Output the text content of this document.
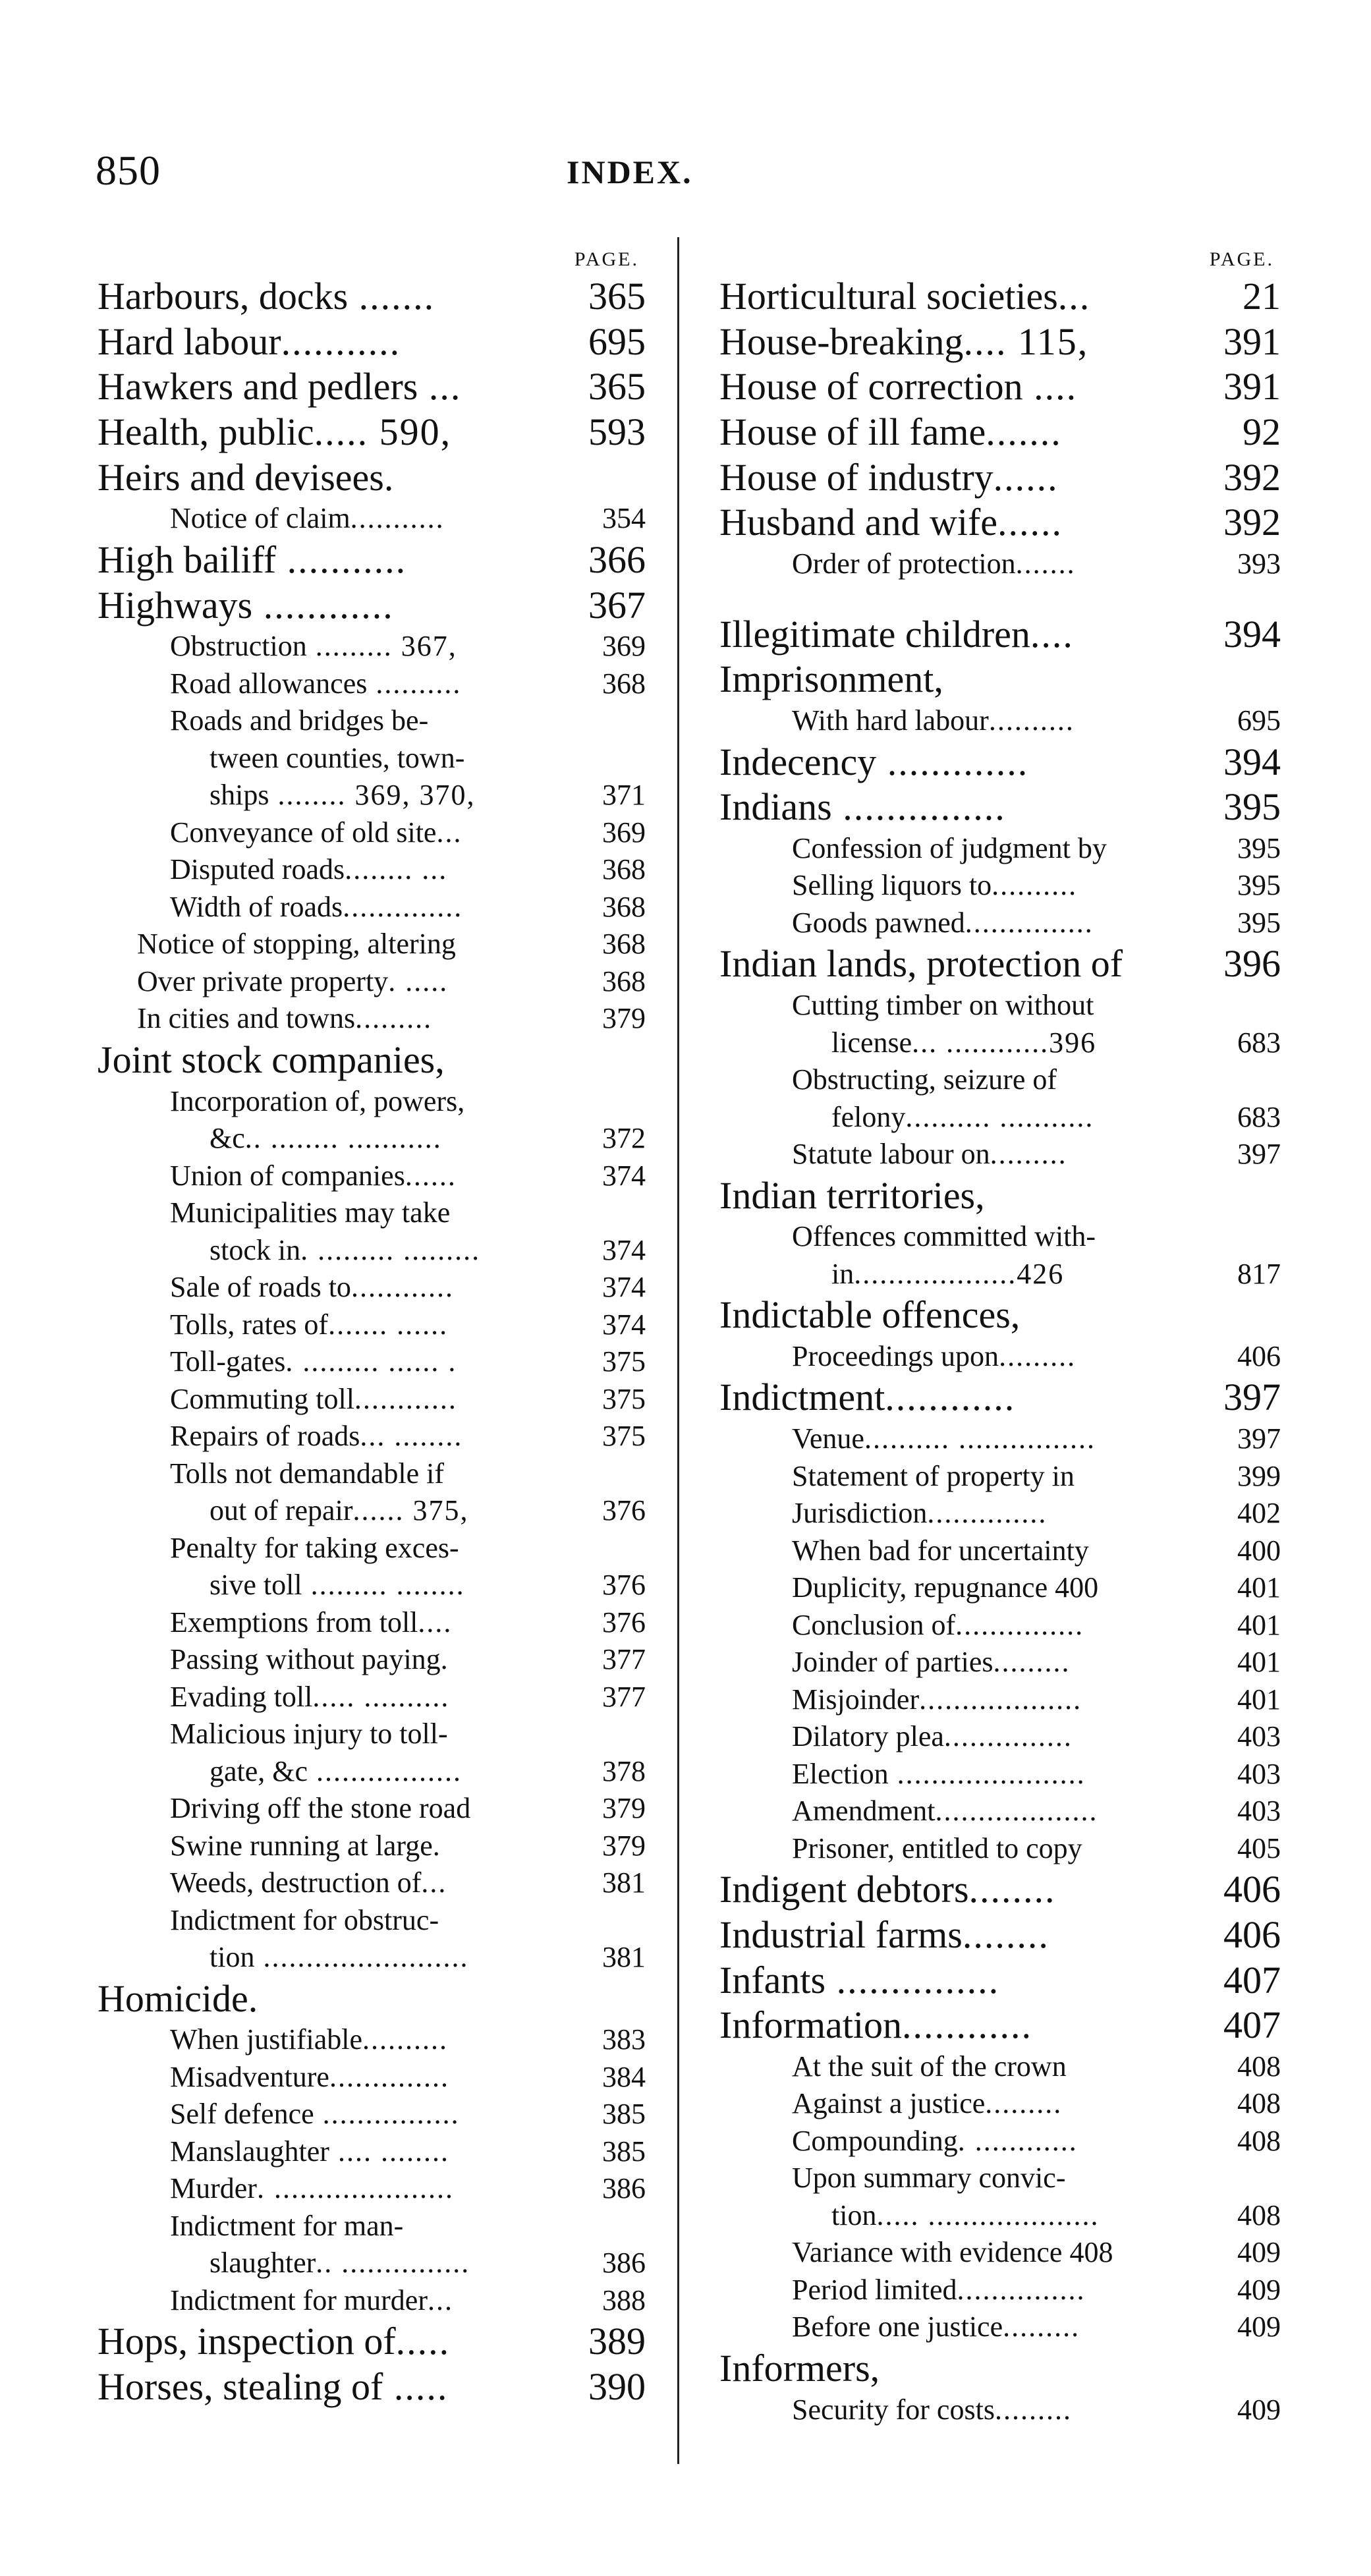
850	INDEX.
PAGE.
Harbours, docks .......	365
Hard labour...........	695
Hawkers and pedlers ...	365
Health, public..... 590,	593
Heirs and devisees.
Notice of claim...........	354
High bailiff ...........	366
Highways ............	367
Obstruction ......... 367,	369
Road allowances ..........	368
Roads and bridges be-
tween counties, town-
ships ........ 369, 370,	371
Conveyance of old site...	369
Disputed roads........ ...	368
Width of roads..............	368
Notice of stopping, altering	368
Over private property. .....	368
In cities and towns.........	379
Joint stock companies,
Incorporation of, powers,
&c.. ........ ...........	372
Union of companies......	374
Municipalities may take
stock in. ......... .........	374
Sale of roads to............	374
Tolls, rates of....... ......	374
Toll-gates. ......... ...... .	375
Commuting toll............	375
Repairs of roads... ........	375
Tolls not demandable if
out of repair...... 375,	376
Penalty for taking exces-
sive toll ......... ........	376
Exemptions from toll....	376
Passing without paying.	377
Evading toll..... ..........	377
Malicious injury to toll-
gate, &c .................	378
Driving off the stone road	379
Swine running at large.	379
Weeds, destruction of...	381
Indictment for obstruc-
tion ........................	381
Homicide.
When justifiable..........	383
Misadventure..............	384
Self defence ................	385
Manslaughter .... ........	385
Murder. .....................	386
Indictment for man-
slaughter.. ...............	386
Indictment for murder...	388
Hops, inspection of.....	389
Horses, stealing of .....	390
PAGE.
Horticultural societies...	21
House-breaking.... 115,	391
House of correction ....	391
House of ill fame.......	92
House of industry......	392
Husband and wife......	392
Order of protection.......	393
Illegitimate children....	394
Imprisonment,
With hard labour..........	695
Indecency .............	394
Indians ...............	395
Confession of judgment by	395
Selling liquors to..........	395
Goods pawned...............	395
Indian lands, protection of	396
Cutting timber on without
license... ............396	683
Obstructing, seizure of
felony.......... ...........	683
Statute labour on.........	397
Indian territories,
Offences committed with-
in...................426	817
Indictable offences,
Proceedings upon.........	406
Indictment............	397
Venue.......... ................	397
Statement of property in	399
Jurisdiction..............	402
When bad for uncertainty	400
Duplicity, repugnance 400	401
Conclusion of...............	401
Joinder of parties.........	401
Misjoinder...................	401
Dilatory plea...............	403
Election ......................	403
Amendment...................	403
Prisoner, entitled to copy	405
Indigent debtors........	406
Industrial farms........	406
Infants ...............	407
Information............	407
At the suit of the crown	408
Against a justice.........	408
Compounding. ............	408
Upon summary convic-
tion..... ....................	408
Variance with evidence 408	409
Period limited...............	409
Before one justice.........	409
Informers,
Security for costs.........	409
